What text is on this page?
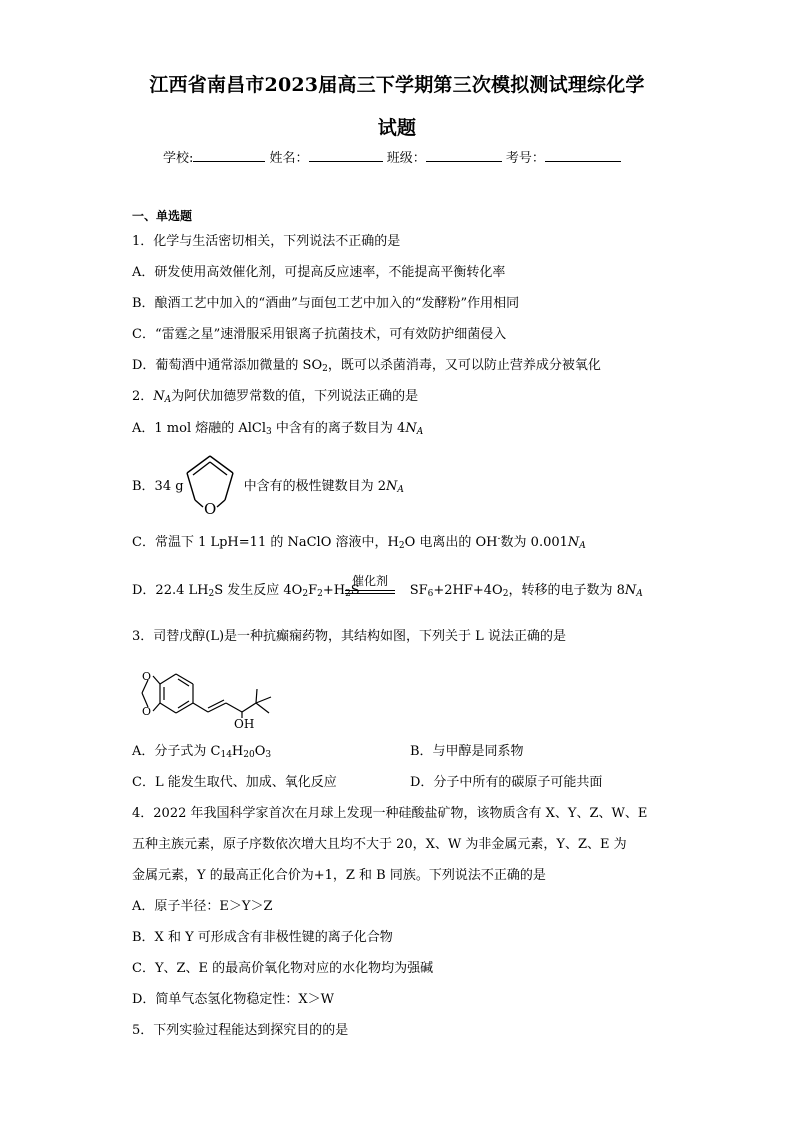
江西省南昌市2023届高三下学期第三次模拟测试理综化学
试题
学校:	姓名：	班级：	考号：
一、单选题
1．化学与生活密切相关，下列说法不正确的是
A．研发使用高效催化剂，可提高反应速率，不能提高平衡转化率
B．酿酒工艺中加入的“酒曲”与面包工艺中加入的“发酵粉”作用相同
C．“雷霆之星”速滑服采用银离子抗菌技术，可有效防护细菌侵入
D．葡萄酒中通常添加微量的 $SO_2$，既可以杀菌消毒，又可以防止营养成分被氧化
2．$N_A$为阿伏加德罗常数的值，下列说法正确的是
A．1 mol 熔融的 AlCl$_3$ 中含有的离子数目为 $4N_A$
B．34 g	中含有的极性键数目为 $2N_A$
O
C．常温下 1 LpH=11 的 NaClO 溶液中，$H_2O$ 电离出的 OH-数为 $0.001N_A$
D．22.4 $LH_2S$ 发生反应 $4O_2F_2+H_2S$	$SF_6+2HF+4O_2$，转移的电子数为 $8N_A$
催化剂
3．司替戊醇(L)是一种抗癫痫药物，其结构如图，下列关于 L 说法正确的是
O
O
OH
A．分子式为 $C_{14}H_{20}O_3$	B．与甲醇是同系物
C．L 能发生取代、加成、氧化反应	D．分子中所有的碳原子可能共面
4．2022 年我国科学家首次在月球上发现一种硅酸盐矿物，该物质含有 X、Y、Z、W、E
五种主族元素，原子序数依次增大且均不大于 20，X、W 为非金属元素，Y、Z、E 为
金属元素，Y 的最高正化合价为+1，Z 和 B 同族。下列说法不正确的是
A．原子半径：E＞Y＞Z
B．X 和 Y 可形成含有非极性键的离子化合物
C．Y、Z、E 的最高价氧化物对应的水化物均为强碱
D．简单气态氢化物稳定性：X＞W
5．下列实验过程能达到探究目的的是
